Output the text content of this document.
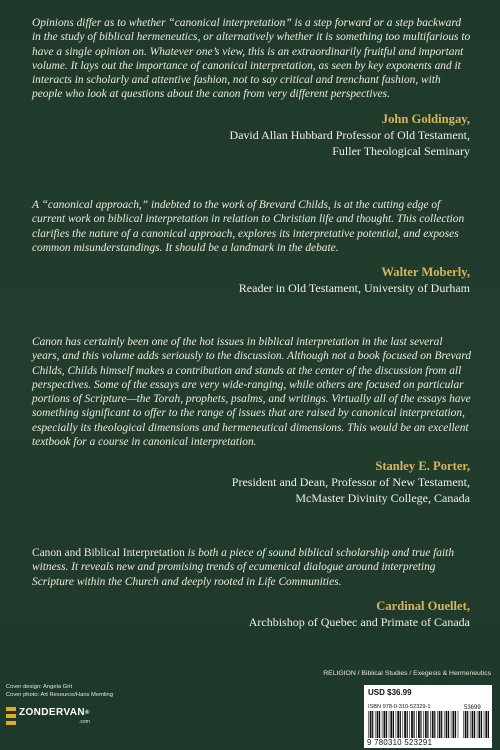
Opinions differ as to whether “canonical interpretation” is a step forward or a step backward in the study of biblical hermeneutics, or alternatively whether it is something too multifarious to have a single opinion on. Whatever one’s view, this is an extraordinarily fruitful and important volume. It lays out the importance of canonical interpretation, as seen by key exponents and it interacts in scholarly and attentive fashion, not to say critical and trenchant fashion, with people who look at questions about the canon from very different perspectives.

John Goldingay,
David Allan Hubbard Professor of Old Testament,
Fuller Theological Seminary

A “canonical approach,” indebted to the work of Brevard Childs, is at the cutting edge of current work on biblical interpretation in relation to Christian life and thought. This collection clarifies the nature of a canonical approach, explores its interpretative potential, and exposes common misunderstandings. It should be a landmark in the debate.

Walter Moberly,
Reader in Old Testament, University of Durham

Canon has certainly been one of the hot issues in biblical interpretation in the last several years, and this volume adds seriously to the discussion. Although not a book focused on Brevard Childs, Childs himself makes a contribution and stands at the center of the discussion from all perspectives. Some of the essays are very wide-ranging, while others are focused on particular portions of Scripture—the Torah, prophets, psalms, and writings. Virtually all of the essays have something significant to offer to the range of issues that are raised by canonical interpretation, especially its theological dimensions and hermeneutical dimensions. This would be an excellent textbook for a course in canonical interpretation.

Stanley E. Porter,
President and Dean, Professor of New Testament,
McMaster Divinity College, Canada

Canon and Biblical Interpretation is both a piece of sound biblical scholarship and true faith witness. It reveals new and promising trends of ecumenical dialogue around interpreting Scripture within the Church and deeply rooted in Life Communities.

Cardinal Ouellet,
Archbishop of Quebec and Primate of Canada
RELIGION / Biblical Studies / Exegesis & Hermeneutics
Cover design: Angela Grit
Cover photo: Art Resource/Hans Memling
ZONDERVAN®
.com
USD $36.99
ISBN 978-0-310-52329-1	53699
9 780310 523291
